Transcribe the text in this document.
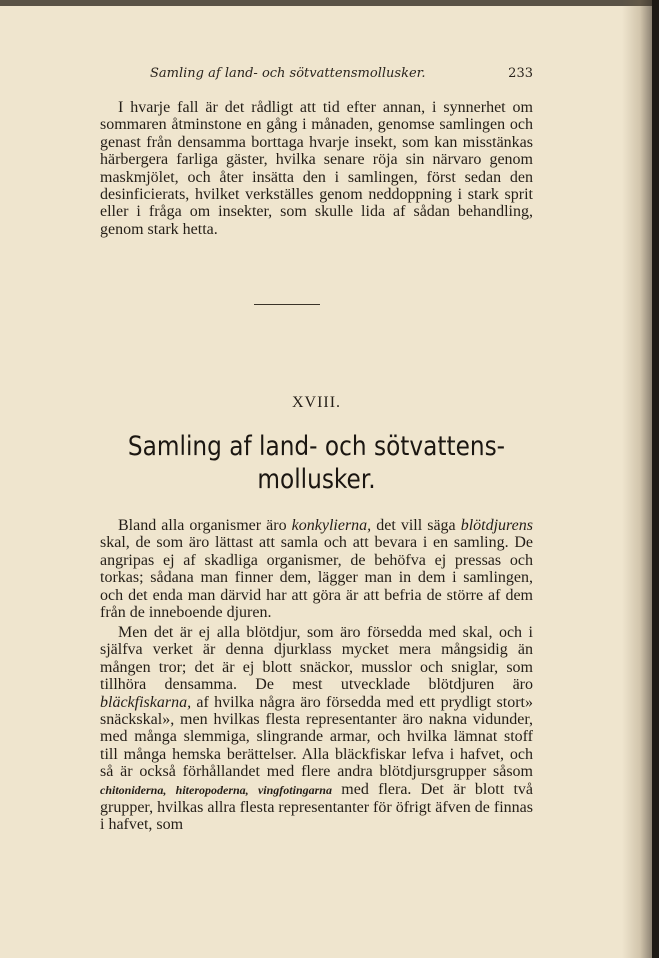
Samling af land- och sötvattensmollusker.	233

I hvarje fall är det rådligt att tid efter annan, i synnerhet om sommaren åtminstone en gång i månaden, genomse samlingen och genast från densamma borttaga hvarje insekt, som kan misstänkas härbergera farliga gäster, hvilka senare röja sin närvaro genom maskmjölet, och åter insätta den i samlingen, först sedan den desinficierats, hvilket verkställes genom neddoppning i stark sprit eller i fråga om insekter, som skulle lida af sådan behandling, genom stark hetta.

XVIII.
Samling af land- och sötvattens-
mollusker.

Bland alla organismer äro konkylierna, det vill säga blötdjurens skal, de som äro lättast att samla och att bevara i en samling. De angripas ej af skadliga organismer, de behöfva ej pressas och torkas; sådana man finner dem, lägger man in dem i samlingen, och det enda man därvid har att göra är att befria de större af dem från de inneboende djuren.

Men det är ej alla blötdjur, som äro försedda med skal, och i själfva verket är denna djurklass mycket mera mångsidig än mången tror; det är ej blott snäckor, musslor och sniglar, som tillhöra densamma. De mest utvecklade blötdjuren äro bläckfiskarna, af hvilka några äro försedda med ett prydligt stort» snäckskal», men hvilkas flesta representanter äro nakna vidunder, med många slemmiga, slingrande armar, och hvilka lämnat stoff till många hemska berättelser. Alla bläckfiskar lefva i hafvet, och så är också förhållandet med flere andra blötdjursgrupper såsom chitoniderna, hiteropoderna, vingfotingarna med flera. Det är blott två grupper, hvilkas allra flesta representanter för öfrigt äfven de finnas i hafvet, som
